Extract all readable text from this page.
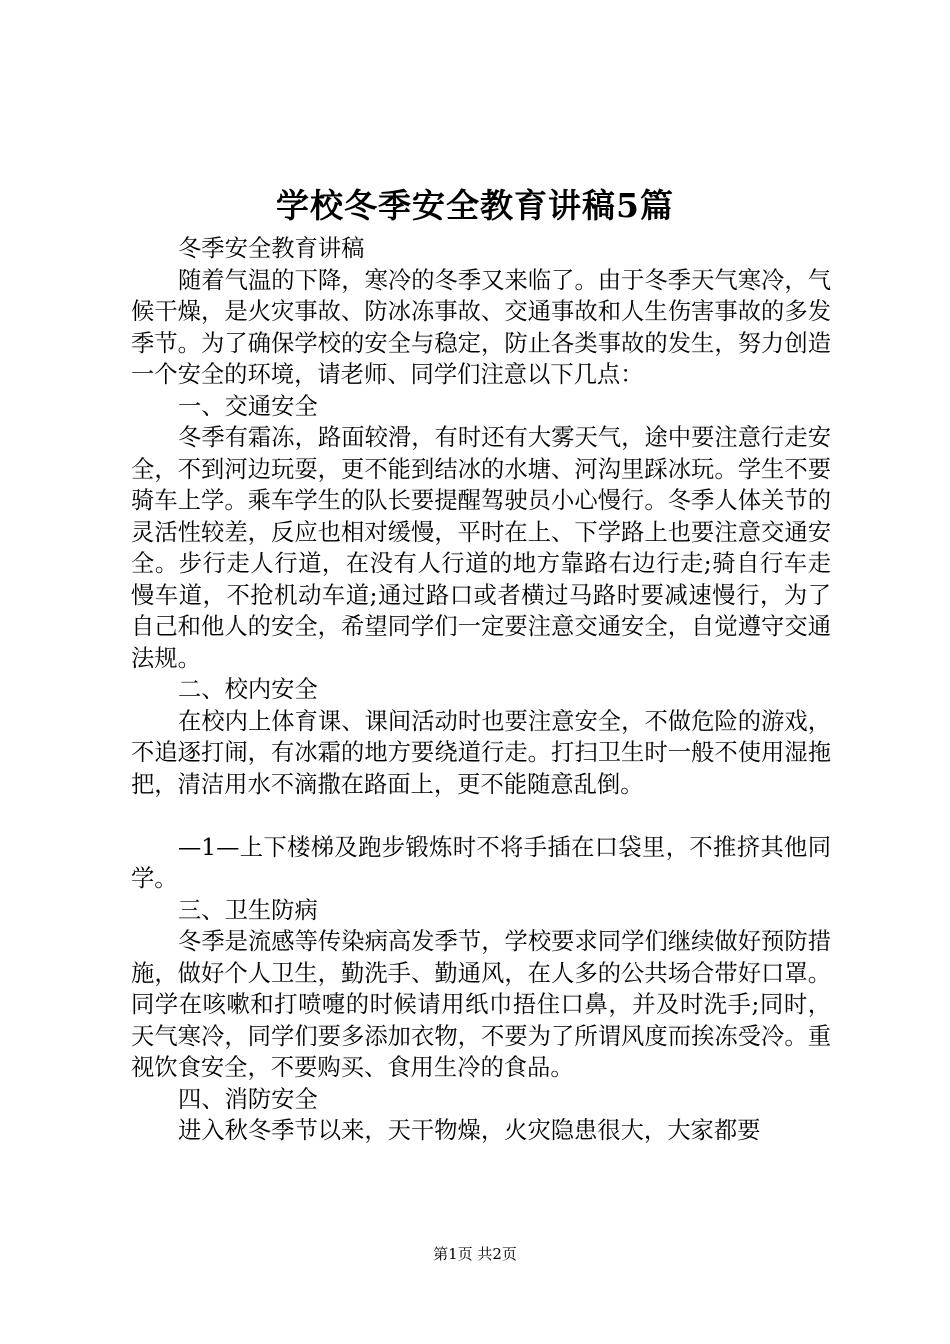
学校冬季安全教育讲稿5篇

冬季安全教育讲稿

随着气温的下降，寒冷的冬季又来临了。由于冬季天气寒冷，气候干燥，是火灾事故、防冰冻事故、交通事故和人生伤害事故的多发季节。为了确保学校的安全与稳定，防止各类事故的发生，努力创造一个安全的环境，请老师、同学们注意以下几点：

一、交通安全

冬季有霜冻，路面较滑，有时还有大雾天气，途中要注意行走安全，不到河边玩耍，更不能到结冰的水塘、河沟里踩冰玩。学生不要骑车上学。乘车学生的队长要提醒驾驶员小心慢行。冬季人体关节的灵活性较差，反应也相对缓慢，平时在上、下学路上也要注意交通安全。步行走人行道，在没有人行道的地方靠路右边行走;骑自行车走慢车道，不抢机动车道;通过路口或者横过马路时要减速慢行，为了自己和他人的安全，希望同学们一定要注意交通安全，自觉遵守交通法规。

二、校内安全

在校内上体育课、课间活动时也要注意安全，不做危险的游戏，不追逐打闹，有冰霜的地方要绕道行走。打扫卫生时一般不使用湿拖把，清洁用水不滴撒在路面上，更不能随意乱倒。

—1—上下楼梯及跑步锻炼时不将手插在口袋里，不推挤其他同学。

三、卫生防病

冬季是流感等传染病高发季节，学校要求同学们继续做好预防措施，做好个人卫生，勤洗手、勤通风，在人多的公共场合带好口罩。同学在咳嗽和打喷嚏的时候请用纸巾捂住口鼻，并及时洗手;同时，天气寒冷，同学们要多添加衣物，不要为了所谓风度而挨冻受冷。重视饮食安全，不要购买、食用生冷的食品。

四、消防安全

进入秋冬季节以来，天干物燥，火灾隐患很大，大家都要

第1页 共2页
